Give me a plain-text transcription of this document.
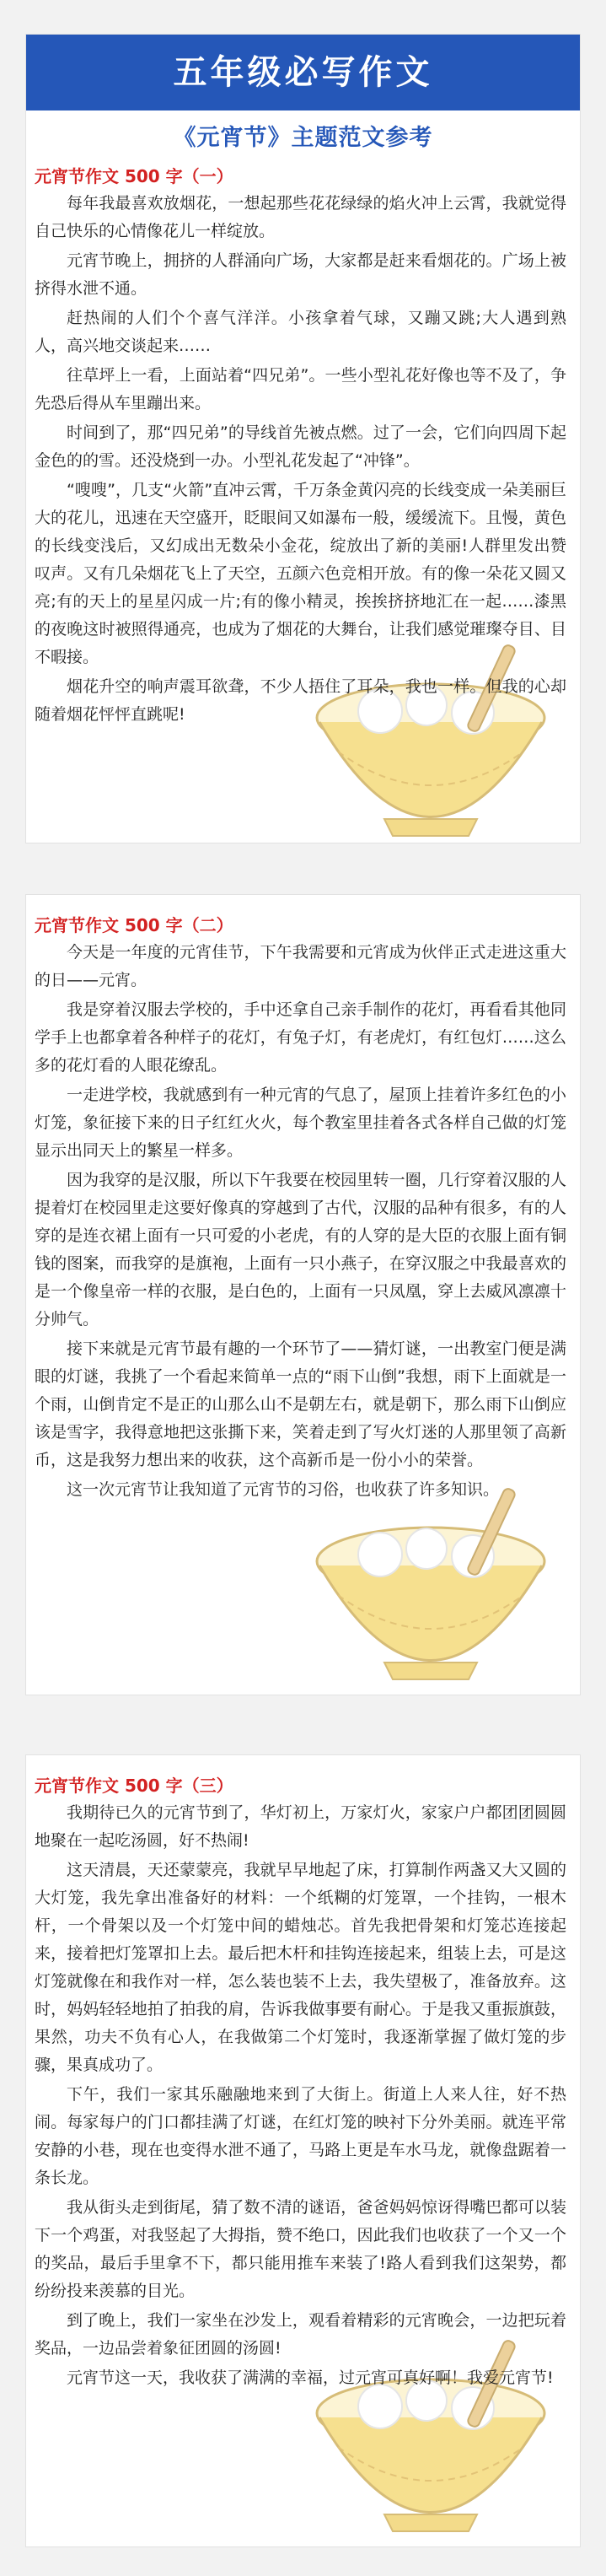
五年级必写作文
《元宵节》主题范文参考
元宵节作文 500 字（一）

每年我最喜欢放烟花，一想起那些花花绿绿的焰火冲上云霄，我就觉得自己快乐的心情像花儿一样绽放。

元宵节晚上，拥挤的人群涌向广场，大家都是赶来看烟花的。广场上被挤得水泄不通。

赶热闹的人们个个喜气洋洋。小孩拿着气球，又蹦又跳;大人遇到熟人，高兴地交谈起来……

往草坪上一看，上面站着“四兄弟”。一些小型礼花好像也等不及了，争先恐后得从车里蹦出来。

时间到了，那“四兄弟”的导线首先被点燃。过了一会，它们向四周下起金色的的雪。还没烧到一办。小型礼花发起了“冲锋”。

“嗖嗖”，几支“火箭”直冲云霄，千万条金黄闪亮的长线变成一朵美丽巨大的花儿，迅速在天空盛开，眨眼间又如瀑布一般，缓缓流下。且慢，黄色的长线变浅后，又幻成出无数朵小金花，绽放出了新的美丽!人群里发出赞叹声。又有几朵烟花飞上了天空，五颜六色竞相开放。有的像一朵花又圆又亮;有的天上的星星闪成一片;有的像小精灵，挨挨挤挤地汇在一起……漆黑的夜晚这时被照得通亮，也成为了烟花的大舞台，让我们感觉璀璨夺目、目不暇接。

烟花升空的响声震耳欲聋，不少人捂住了耳朵，我也一样。但我的心却随着烟花怦怦直跳呢!

元宵节作文 500 字（二）

今天是一年度的元宵佳节，下午我需要和元宵成为伙伴正式走进这重大的日——元宵。

我是穿着汉服去学校的，手中还拿自己亲手制作的花灯，再看看其他同学手上也都拿着各种样子的花灯，有兔子灯，有老虎灯，有红包灯……这么多的花灯看的人眼花缭乱。

一走进学校，我就感到有一种元宵的气息了，屋顶上挂着许多红色的小灯笼，象征接下来的日子红红火火，每个教室里挂着各式各样自己做的灯笼显示出同天上的繁星一样多。

因为我穿的是汉服，所以下午我要在校园里转一圈，几行穿着汉服的人提着灯在校园里走这要好像真的穿越到了古代，汉服的品种有很多，有的人穿的是连衣裙上面有一只可爱的小老虎，有的人穿的是大臣的衣服上面有铜钱的图案，而我穿的是旗袍，上面有一只小燕子，在穿汉服之中我最喜欢的是一个像皇帝一样的衣服，是白色的，上面有一只凤凰，穿上去威风凛凛十分帅气。

接下来就是元宵节最有趣的一个环节了——猜灯谜，一出教室门便是满眼的灯谜，我挑了一个看起来简单一点的“雨下山倒”我想，雨下上面就是一个雨，山倒肯定不是正的山那么山不是朝左右，就是朝下，那么雨下山倒应该是雪字，我得意地把这张撕下来，笑着走到了写火灯迷的人那里领了高新币，这是我努力想出来的收获，这个高新币是一份小小的荣誉。

这一次元宵节让我知道了元宵节的习俗，也收获了许多知识。

元宵节作文 500 字（三）

我期待已久的元宵节到了，华灯初上，万家灯火，家家户户都团团圆圆地聚在一起吃汤圆，好不热闹!

这天清晨，天还蒙蒙亮，我就早早地起了床，打算制作两盏又大又圆的大灯笼，我先拿出准备好的材料：一个纸糊的灯笼罩，一个挂钩，一根木杆，一个骨架以及一个灯笼中间的蜡烛芯。首先我把骨架和灯笼芯连接起来，接着把灯笼罩扣上去。最后把木杆和挂钩连接起来，组装上去，可是这灯笼就像在和我作对一样，怎么装也装不上去，我失望极了，准备放弃。这时，妈妈轻轻地拍了拍我的肩，告诉我做事要有耐心。于是我又重振旗鼓，果然，功夫不负有心人，在我做第二个灯笼时，我逐渐掌握了做灯笼的步骤，果真成功了。

下午，我们一家其乐融融地来到了大街上。街道上人来人往，好不热闹。每家每户的门口都挂满了灯谜，在红灯笼的映衬下分外美丽。就连平常安静的小巷，现在也变得水泄不通了，马路上更是车水马龙，就像盘踞着一条长龙。

我从街头走到街尾，猜了数不清的谜语，爸爸妈妈惊讶得嘴巴都可以装下一个鸡蛋，对我竖起了大拇指，赞不绝口，因此我们也收获了一个又一个的奖品，最后手里拿不下，都只能用推车来装了!路人看到我们这架势，都纷纷投来羡慕的目光。

到了晚上，我们一家坐在沙发上，观看着精彩的元宵晚会，一边把玩着奖品，一边品尝着象征团圆的汤圆!

元宵节这一天，我收获了满满的幸福，过元宵可真好啊！我爱元宵节!
